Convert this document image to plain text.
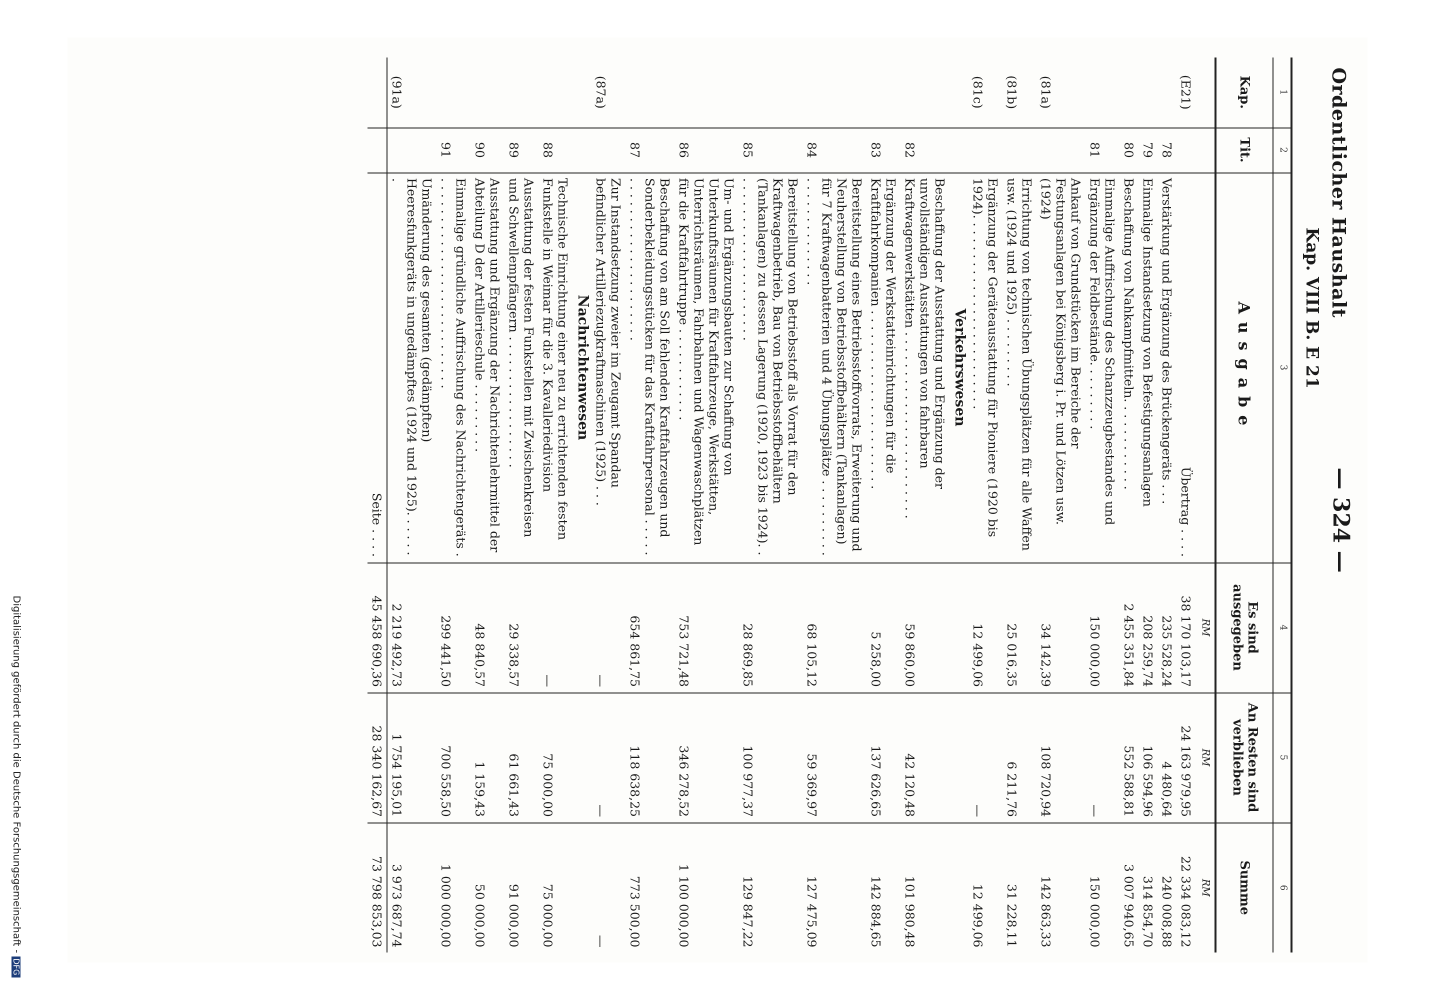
Ordentlicher Haushalt
— 324 —
Kap. VIII B. E 21
1	2	3	4	5	6
Kap.	Tit.	Ausgabe	Es sind ausgegeben	An Resten sind verblieben	Summe
			RM	RM	RM
(E21)		Übertrag . . . .	38 170 103,17	24 163 979,95	22 334 083,12
	78	Verstärkung und Ergänzung des Brückengeräts . . .	235 528,24	4 480,64	240 008,88
	79	Einmalige Instandsetzung von Befestigungsanlagen	208 259,74	106 594,96	314 854,70
	80	Beschaffung von Nahkampfmitteln. . . . . . . . . . . .	2 455 351,84	552 588,81	3 007 940,65
	81	Einmalige Auffrischung des Schanzzeugbestandes und Ergänzung der Feldbestände. . . . . . . . .	150 000,00	—	150 000,00
(81a)		Ankauf von Grundstücken im Bereiche der Festungsanlagen bei Königsberg i. Pr. und Lötzen usw. (1924)	34 142,39	108 720,94	142 863,33
(81b)		Errichtung von technischen Übungsplätzen für alle Waffen usw. (1924 und 1925) . . . . . . . . .	25 016,35	6 211,76	31 228,11
(81c)		Ergänzung der Geräteausstattung für Pioniere (1920 bis 1924). . . . . . . . . . . . . . . . . . . . . . . . .	12 499,06	—	12 499,06
		Verkehrswesen			
	82	Beschaffung der Ausstattung und Ergänzung der unvollständigen Ausstattungen von fahrbaren Kraftwagenwerkstätten . . . . . . . . . . . . . . . . . . . . . . . .	59 860,00	42 120,48	101 980,48
	83	Ergänzung der Werkstatteinrichtungen für die Kraftfahrkompanien . . . . . . . . . . . . . . . . . . . . . . .	5 258,00	137 626,65	142 884,65
	84	Bereitstellung eines Betriebsstoffvorrats, Erweiterung und Neuherstellung von Betriebsstoffbehältern (Tankanlagen) für 7 Kraftwagenbatterien und 4 Übungsplätze . . . . . . . . . . . . . . . . . . . . . . . .	68 105,12	59 369,97	127 475,09
	85	Bereitstellung von Betriebsstoff als Vorrat für den Kraftwagenbetrieb, Bau von Betriebsstoffbehältern (Tankanlagen) zu dessen Lagerung (1920, 1923 bis 1924). . . . . . . . . . . . . . . . . . . . . . .	28 869,85	100 977,37	129 847,22
	86	Um- und Ergänzungsbauten zur Schaffung von Unterkunftsräumen für Kraftfahrzeuge, Werkstätten, Unterrichtsräumen, Fahrbahnen und Wagenwaschplätzen für die Kraftfahrtruppe . . . . . . . . . . . .	753 721,48	346 278,52	1 100 000,00
	87	Beschaffung von am Soll fehlenden Kraftfahrzeugen und Sonderbekleidungsstücken für das Kraftfahrpersonal . . . . . . . . . . . . . . . . . . . . . . . . . .	654 861,75	118 638,25	773 500,00
(87a)		Zur Instandsetzung zweier im Zeugamt Spandau befindlicher Artilleriezugkraftmaschinen (1925) . . .	—	—	—
		Nachrichtenwesen			
	88	Technische Einrichtung einer neu zu errichtenden festen Funkstelle in Weimar für die 3. Kavalleriedivision	—	75 000,00	75 000,00
	89	Ausstattung der festen Funkstellen mit Zwischenkreisen und Schwellempfängern . . . . . . . . . . . . . . . . .	29 338,57	61 661,43	91 000,00
	90	Ausstattung und Ergänzung der Nachrichtenlehrmittel der Abteilung D der Artillerieschule . . . . . . . . .	48 840,57	1 159,43	50 000,00
	91	Einmalige gründliche Auffrischung des Nachrichtengeräts . . . . . . . . . . . . . . . . . . . . . . . . . . . .	299 441,50	700 558,50	1 000 000,00
(91a)		Umänderung des gesamten (gedämpften) Heeresfunkgeräts in ungedämpftes (1924 und 1925). . . . . . .	2 219 492,73	1 754 195,01	3 973 687,74
		Seite . . . .	45 458 690,36	28 340 162,67	73 798 853,03
Digitalisierung gefördert durch die Deutsche Forschungsgemeinschaft - DFG
